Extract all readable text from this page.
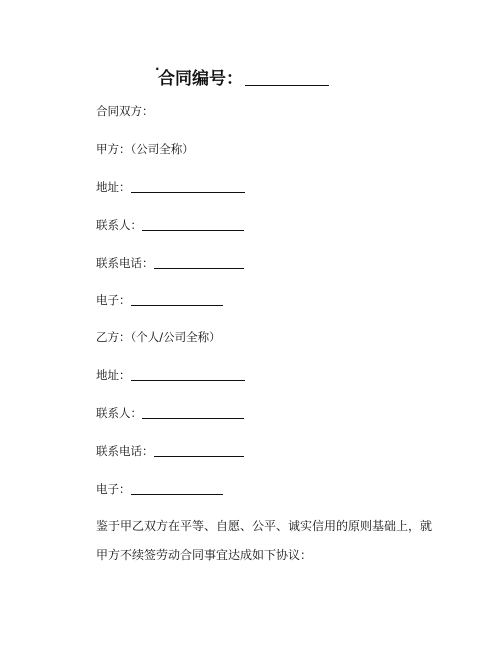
·
合同编号：
合同双方：
甲方：（公司全称）
地址：
联系人：
联系电话：
电子：
乙方：（个人/公司全称）
地址：
联系人：
联系电话：
电子：
鉴于甲乙双方在平等、自愿、公平、诚实信用的原则基础上，就
甲方不续签劳动合同事宜达成如下协议：
